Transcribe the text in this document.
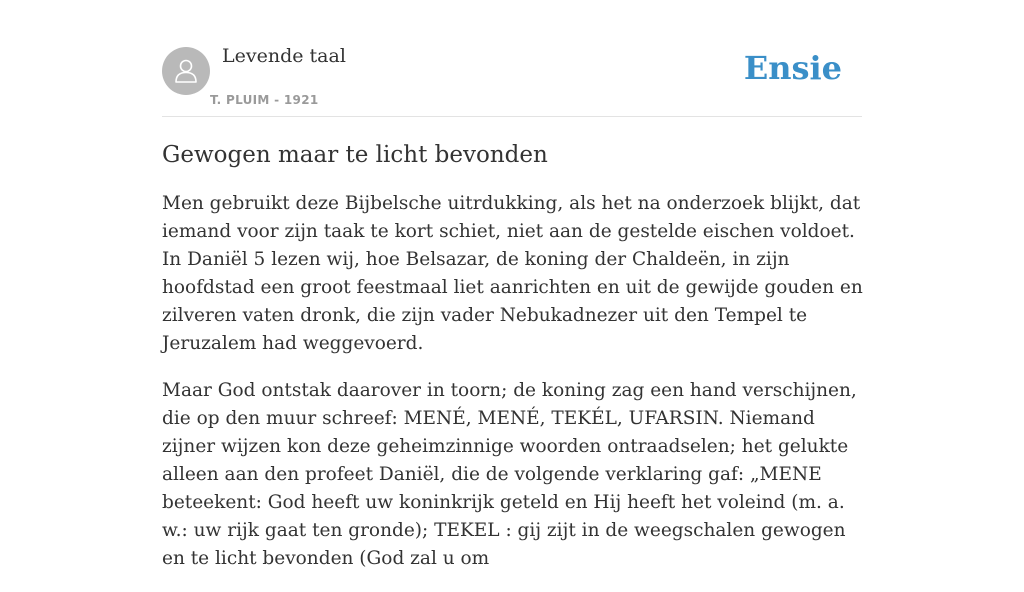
Levende taal
T. PLUIM - 1921
Ensie
Gewogen maar te licht bevonden

Men gebruikt deze Bijbelsche uitrdukking, als het na onderzoek blijkt, dat iemand voor zijn taak te kort schiet, niet aan de gestelde eischen voldoet. In Daniël 5 lezen wij, hoe Belsazar, de koning der Chaldeën, in zijn hoofdstad een groot feestmaal liet aanrichten en uit de gewijde gouden en zilveren vaten dronk, die zijn vader Nebukadnezer uit den Tempel te Jeruzalem had weggevoerd.

Maar God ontstak daarover in toorn; de koning zag een hand verschijnen, die op den muur schreef: MENÉ, MENÉ, TEKÉL, UFARSIN. Niemand zijner wijzen kon deze geheimzinnige woorden ontraadselen; het gelukte alleen aan den profeet Daniël, die de volgende verklaring gaf: „MENE beteekent: God heeft uw koninkrijk geteld en Hij heeft het voleind (m. a. w.: uw rijk gaat ten gronde); TEKEL : gij zijt in de weegschalen gewogen en te licht bevonden (God zal u om
